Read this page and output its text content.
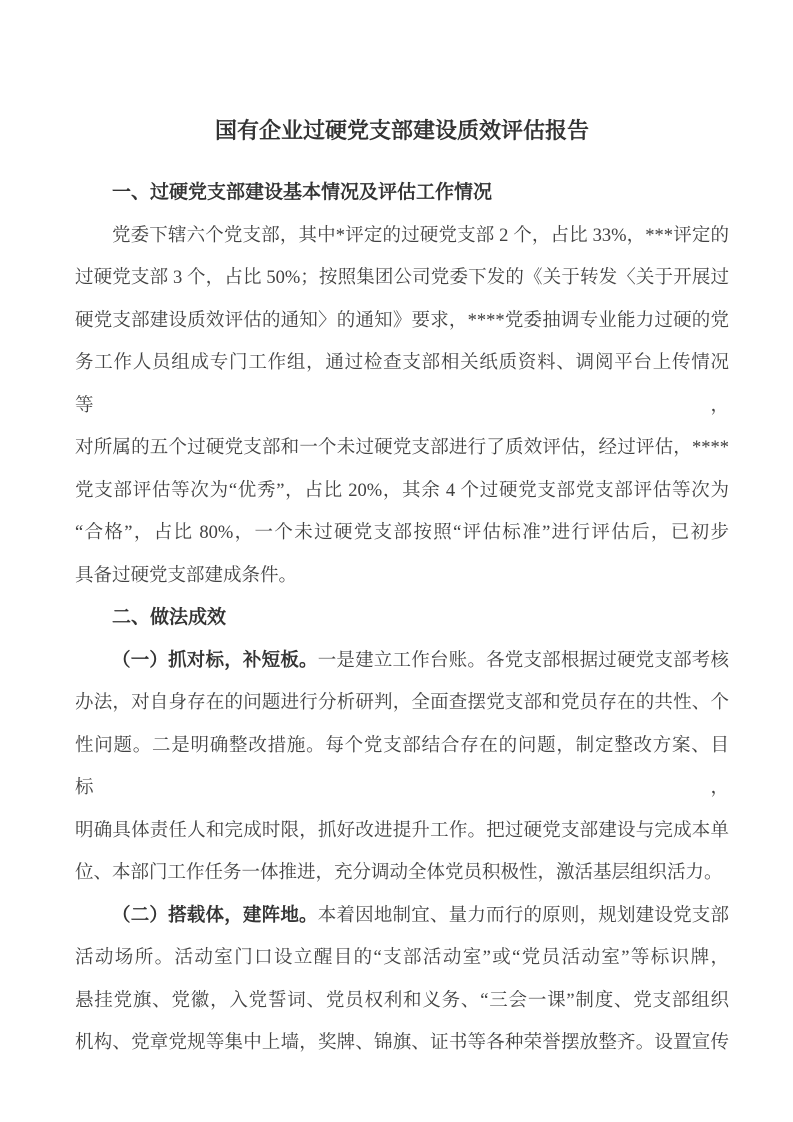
国有企业过硬党支部建设质效评估报告
一、过硬党支部建设基本情况及评估工作情况
党委下辖六个党支部，其中*评定的过硬党支部 2 个，占比 33%，***评定的
过硬党支部 3 个，占比 50%；按照集团公司党委下发的《关于转发〈关于开展过
硬党支部建设质效评估的通知〉的通知》要求，****党委抽调专业能力过硬的党
务工作人员组成专门工作组，通过检查支部相关纸质资料、调阅平台上传情况等，
对所属的五个过硬党支部和一个未过硬党支部进行了质效评估，经过评估，****
党支部评估等次为“优秀”，占比 20%，其余 4 个过硬党支部党支部评估等次为
“合格”，占比 80%，一个未过硬党支部按照“评估标准”进行评估后，已初步
具备过硬党支部建成条件。
二、做法成效
（一）抓对标，补短板。一是建立工作台账。各党支部根据过硬党支部考核
办法，对自身存在的问题进行分析研判，全面查摆党支部和党员存在的共性、个
性问题。二是明确整改措施。每个党支部结合存在的问题，制定整改方案、目标，
明确具体责任人和完成时限，抓好改进提升工作。把过硬党支部建设与完成本单
位、本部门工作任务一体推进，充分调动全体党员积极性，激活基层组织活力。
（二）搭载体，建阵地。本着因地制宜、量力而行的原则，规划建设党支部
活动场所。活动室门口设立醒目的“支部活动室”或“党员活动室”等标识牌，
悬挂党旗、党徽，入党誓词、党员权利和义务、“三会一课”制度、党支部组织
机构、党章党规等集中上墙，奖牌、锦旗、证书等各种荣誉摆放整齐。设置宣传
